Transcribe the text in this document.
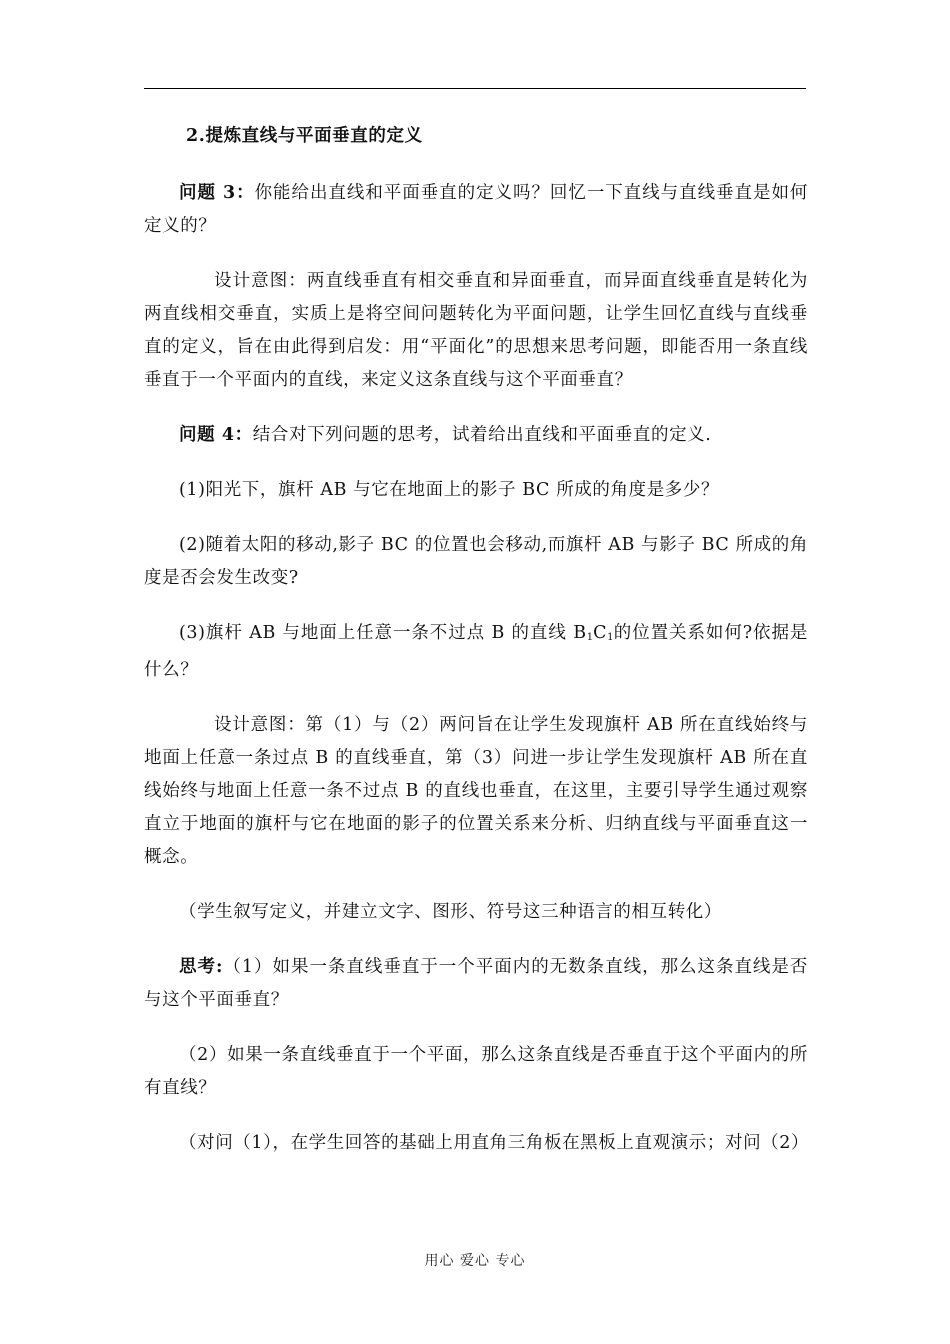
2.提炼直线与平面垂直的定义

问题 3：你能给出直线和平面垂直的定义吗？回忆一下直线与直线垂直是如何定义的？

设计意图：两直线垂直有相交垂直和异面垂直，而异面直线垂直是转化为两直线相交垂直，实质上是将空间问题转化为平面问题，让学生回忆直线与直线垂直的定义，旨在由此得到启发：用“平面化”的思想来思考问题，即能否用一条直线垂直于一个平面内的直线，来定义这条直线与这个平面垂直？

问题 4：结合对下列问题的思考，试着给出直线和平面垂直的定义.

(1)阳光下，旗杆 AB 与它在地面上的影子 BC 所成的角度是多少？

(2)随着太阳的移动,影子 BC 的位置也会移动,而旗杆 AB 与影子 BC 所成的角度是否会发生改变?

(3)旗杆 AB 与地面上任意一条不过点 B 的直线 $B_1C_1$的位置关系如何?依据是什么？

设计意图：第（1）与（2）两问旨在让学生发现旗杆 AB 所在直线始终与地面上任意一条过点 B 的直线垂直，第（3）问进一步让学生发现旗杆 AB 所在直线始终与地面上任意一条不过点 B 的直线也垂直，在这里，主要引导学生通过观察直立于地面的旗杆与它在地面的影子的位置关系来分析、归纳直线与平面垂直这一概念。

（学生叙写定义，并建立文字、图形、符号这三种语言的相互转化）

思考:（1）如果一条直线垂直于一个平面内的无数条直线，那么这条直线是否与这个平面垂直？

（2）如果一条直线垂直于一个平面，那么这条直线是否垂直于这个平面内的所有直线？

（对问（1），在学生回答的基础上用直角三角板在黑板上直观演示；对问（2）

用心 爱心 专心
